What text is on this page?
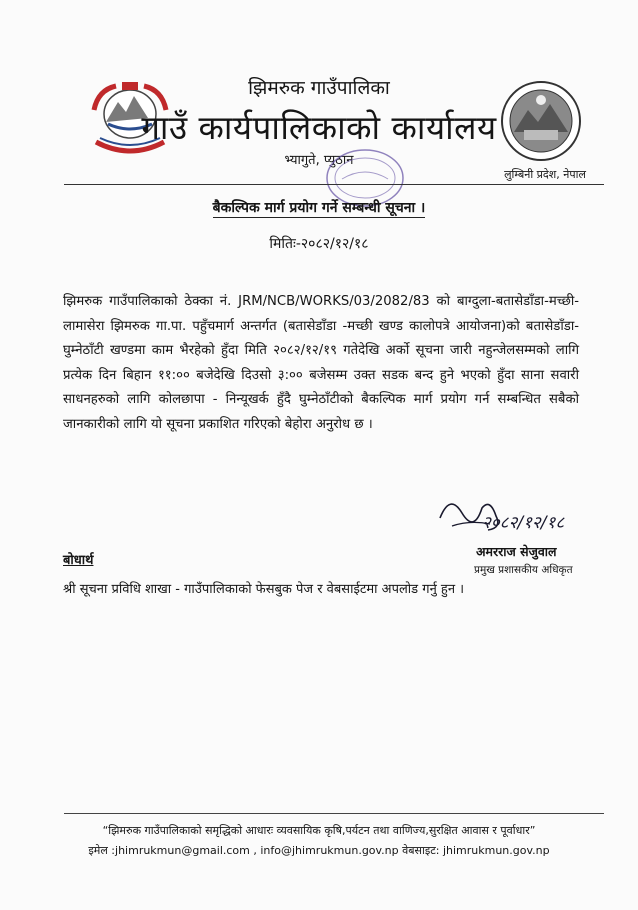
झिमरुक गाउँपालिका
गाउँ कार्यपालिकाको कार्यालय
भ्यागुते, प्युठान
लुम्बिनी प्रदेश, नेपाल
बैकल्पिक मार्ग प्रयोग गर्ने सम्बन्धी सूचना ।
मितिः-२०८२/१२/१८

झिमरुक गाउँपालिकाको ठेक्का नं. JRM/NCB/WORKS/03/2082/83 को बाग्दुला-बतासेडाँडा-मच्छी-लामासेरा झिमरुक गा.पा. पहुँचमार्ग अन्तर्गत (बतासेडाँडा -मच्छी खण्ड कालोपत्रे आयोजना)को बतासेडाँडा- घुम्नेठाँटी खण्डमा काम भैरहेको हुँदा मिति २०८२/१२/१९ गतेदेखि अर्को सूचना जारी नहुन्जेलसम्मको लागि प्रत्येक दिन बिहान ११:०० बजेदेखि दिउसो ३:०० बजेसम्म उक्त सडक बन्द हुने भएको हुँदा साना सवारी साधनहरुको लागि कोलछापा - निन्यूखर्क हुँदै घुम्नेठाँटीको बैकल्पिक मार्ग प्रयोग गर्न सम्बन्धित सबैको जानकारीको लागि यो सूचना प्रकाशित गरिएको बेहोरा अनुरोध छ ।

२०८२/१२/१८
अमरराज सेजुवाल
प्रमुख प्रशासकीय अधिकृत
बोधार्थ
श्री सूचना प्रविधि शाखा - गाउँपालिकाको फेसबुक पेज र वेबसाईटमा अपलोड गर्नु हुन ।
“झिमरुक गाउँपालिकाको समृद्धिको आधारः व्यवसायिक कृषि,पर्यटन तथा वाणिज्य,सुरक्षित आवास र पूर्वाधार”
इमेल :jhimrukmun@gmail.com , info@jhimrukmun.gov.np वेबसाइट: jhimrukmun.gov.np
